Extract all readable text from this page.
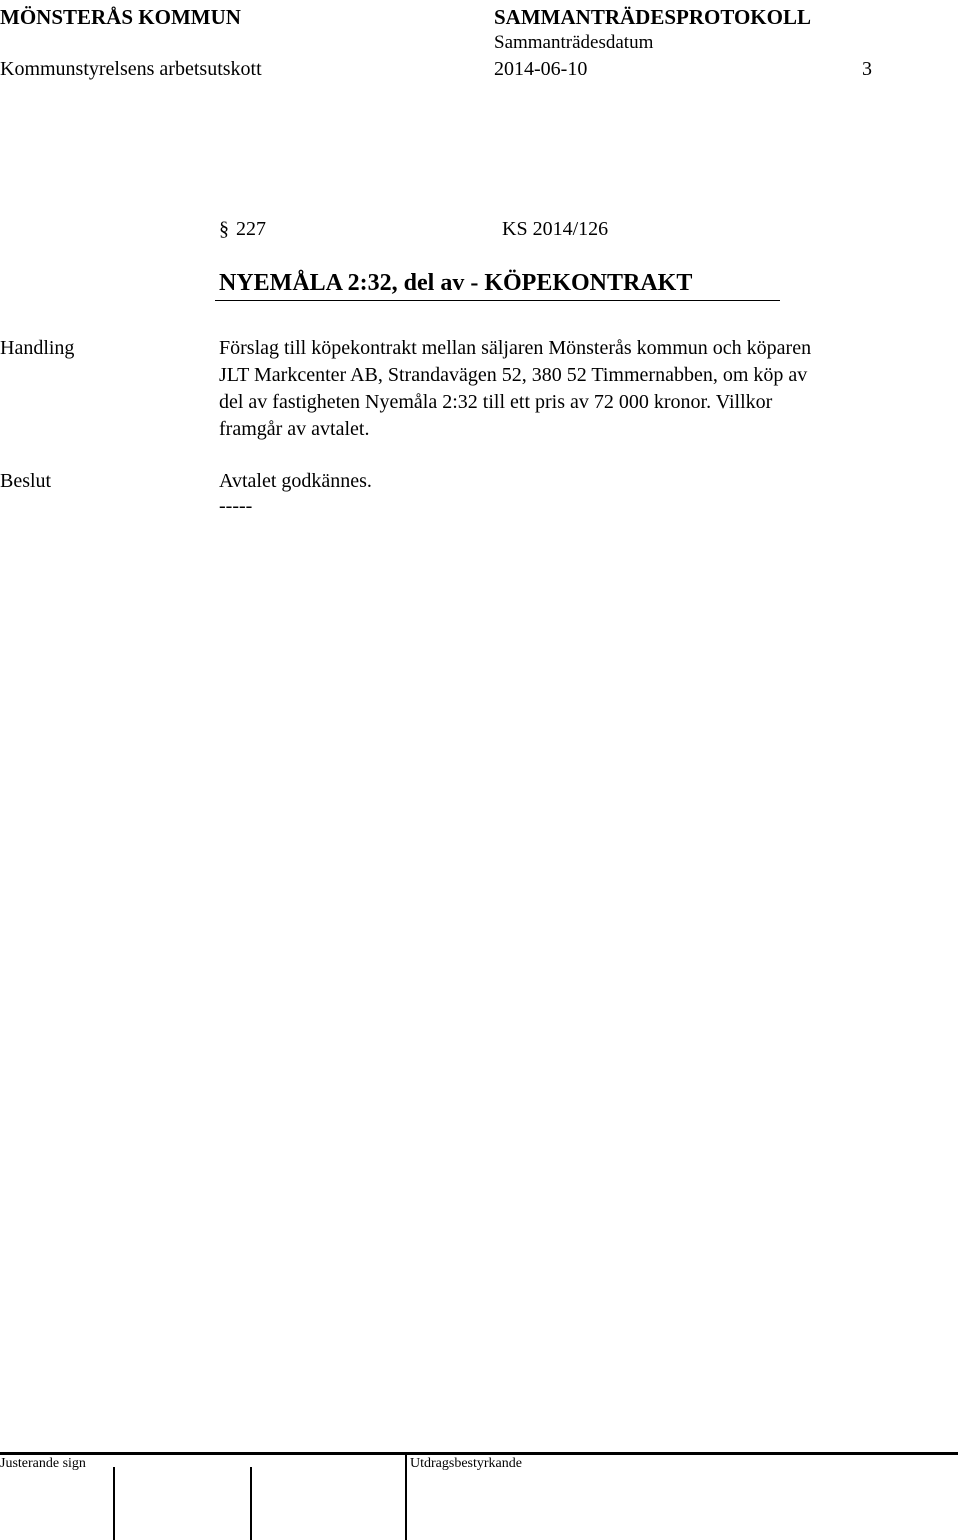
MÖNSTERÅS KOMMUN	SAMMANTRÄDESPROTOKOLL
Sammanträdesdatum
Kommunstyrelsens arbetsutskott	2014-06-10	3
§ 227	KS 2014/126
NYEMÅLA 2:32, del av - KÖPEKONTRAKT
Handling	Förslag till köpekontrakt mellan säljaren Mönsterås kommun och köparen
JLT Markcenter AB, Strandavägen 52, 380 52 Timmernabben, om köp av
del av fastigheten Nyemåla 2:32 till ett pris av 72 000 kronor. Villkor
framgår av avtalet.
Beslut	Avtalet godkännes.
-----
Justerande sign	Utdragsbestyrkande
